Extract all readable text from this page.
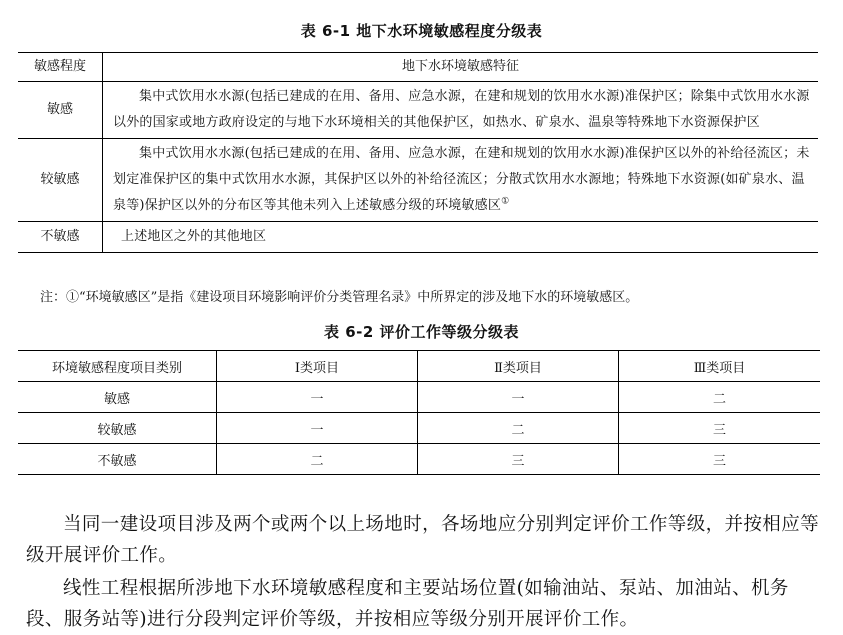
表 6-1 地下水环境敏感程度分级表
敏感程度	地下水环境敏感特征
敏感	集中式饮用水水源(包括已建成的在用、备用、应急水源，在建和规划的饮用水水源)准保护区；除集中式饮用水水源以外的国家或地方政府设定的与地下水环境相关的其他保护区，如热水、矿泉水、温泉等特殊地下水资源保护区
较敏感	集中式饮用水水源(包括已建成的在用、备用、应急水源，在建和规划的饮用水水源)准保护区以外的补给径流区；未划定准保护区的集中式饮用水水源，其保护区以外的补给径流区；分散式饮用水水源地；特殊地下水资源(如矿泉水、温泉等)保护区以外的分布区等其他未列入上述敏感分级的环境敏感区①
不敏感	上述地区之外的其他地区
注：①“环境敏感区”是指《建设项目环境影响评价分类管理名录》中所界定的涉及地下水的环境敏感区。
表 6-2 评价工作等级分级表
环境敏感程度项目类别	Ⅰ类项目	Ⅱ类项目	Ⅲ类项目
敏感	一	一	二
较敏感	一	二	三
不敏感	二	三	三

当同一建设项目涉及两个或两个以上场地时，各场地应分别判定评价工作等级，并按相应等级开展评价工作。

线性工程根据所涉地下水环境敏感程度和主要站场位置(如输油站、泵站、加油站、机务段、服务站等)进行分段判定评价等级，并按相应等级分别开展评价工作。
